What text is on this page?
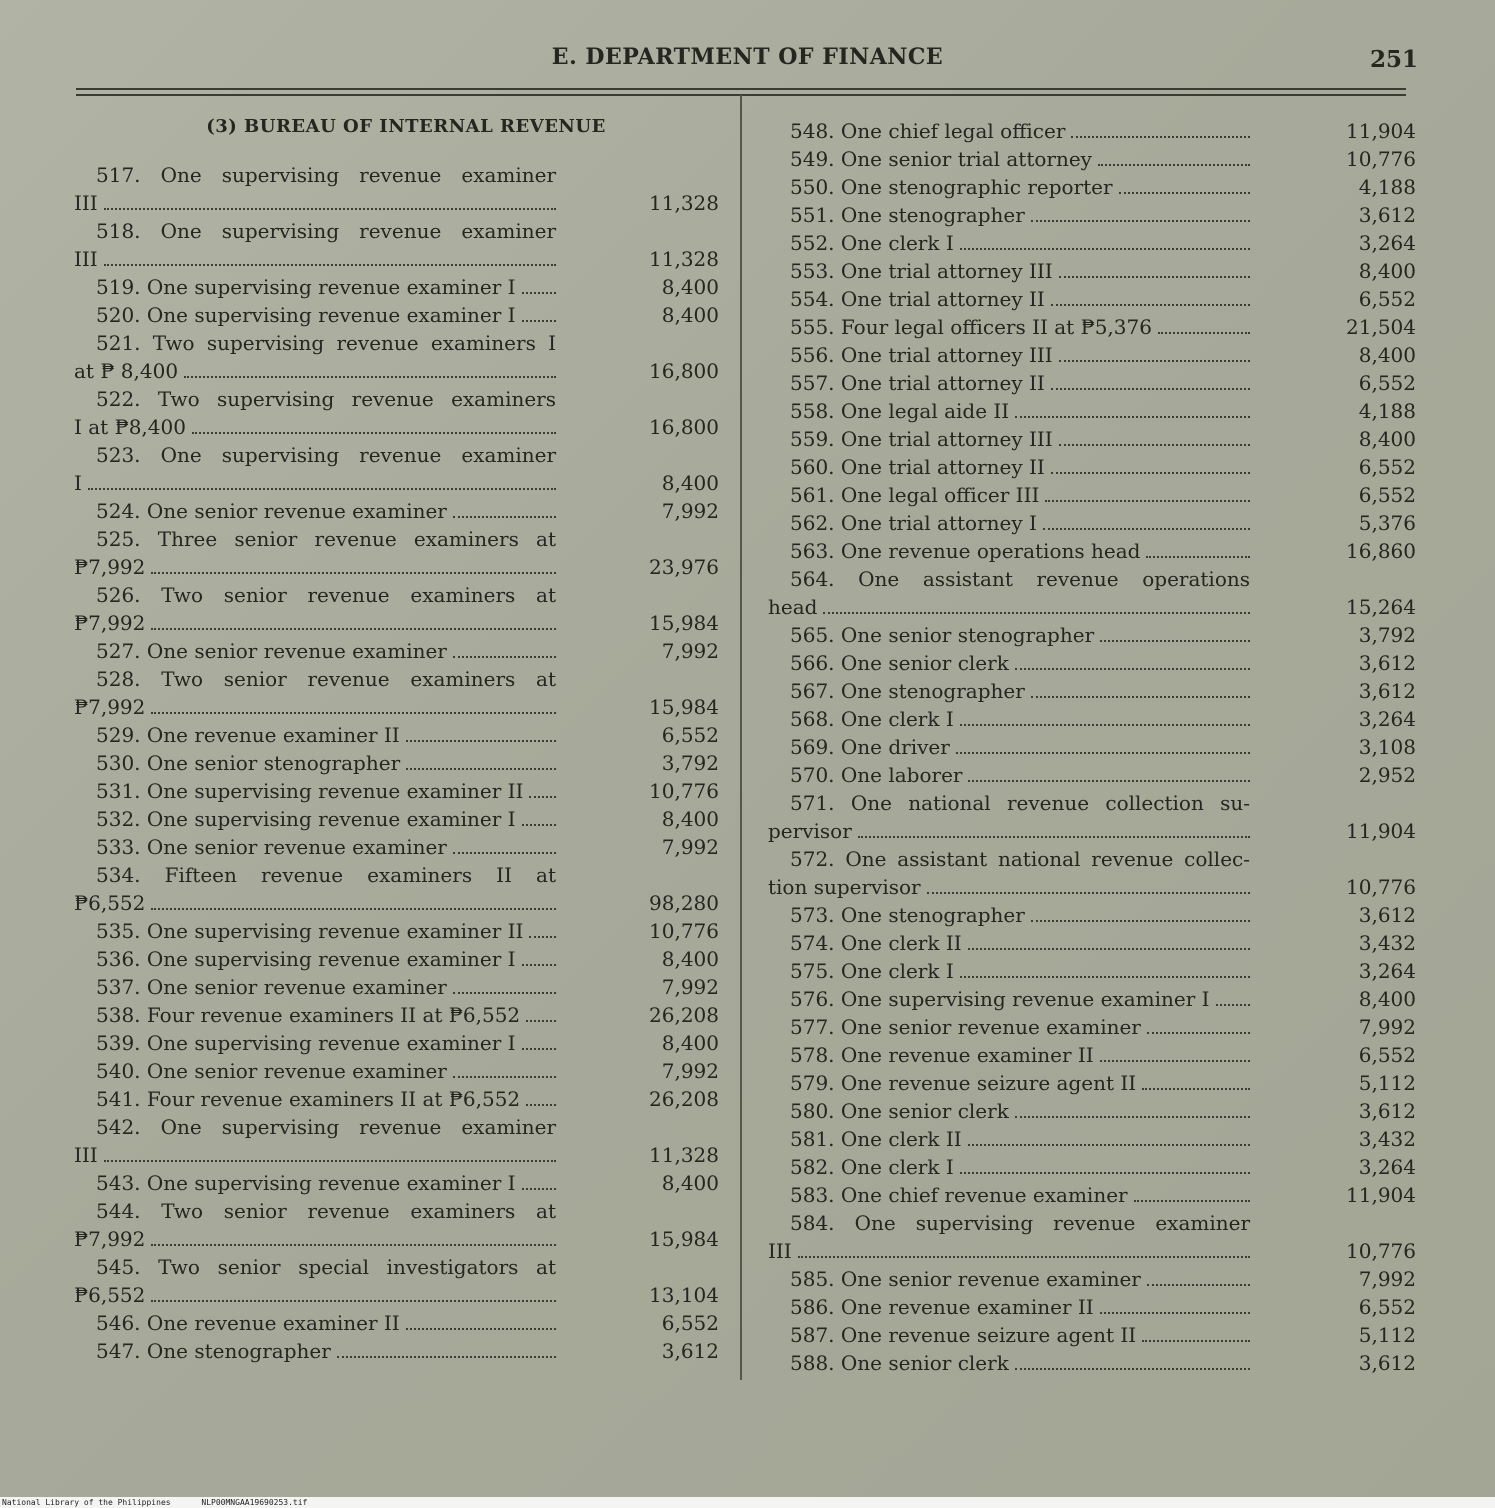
E. DEPARTMENT OF FINANCE	251
(3) BUREAU OF INTERNAL REVENUE
517. One supervising revenue examiner
III	11,328
518. One supervising revenue examiner
III	11,328
519. One supervising revenue examiner I	8,400
520. One supervising revenue examiner I	8,400
521. Two supervising revenue examiners I
at ₱ 8,400	16,800
522. Two supervising revenue examiners
I at ₱8,400	16,800
523. One supervising revenue examiner
I	8,400
524. One senior revenue examiner	7,992
525. Three senior revenue examiners at
₱7,992	23,976
526. Two senior revenue examiners at
₱7,992	15,984
527. One senior revenue examiner	7,992
528. Two senior revenue examiners at
₱7,992	15,984
529. One revenue examiner II	6,552
530. One senior stenographer	3,792
531. One supervising revenue examiner II	10,776
532. One supervising revenue examiner I	8,400
533. One senior revenue examiner	7,992
534. Fifteen revenue examiners II at
₱6,552	98,280
535. One supervising revenue examiner II	10,776
536. One supervising revenue examiner I	8,400
537. One senior revenue examiner	7,992
538. Four revenue examiners II at ₱6,552	26,208
539. One supervising revenue examiner I	8,400
540. One senior revenue examiner	7,992
541. Four revenue examiners II at ₱6,552	26,208
542. One supervising revenue examiner
III	11,328
543. One supervising revenue examiner I	8,400
544. Two senior revenue examiners at
₱7,992	15,984
545. Two senior special investigators at
₱6,552	13,104
546. One revenue examiner II	6,552
547. One stenographer	3,612
548. One chief legal officer	11,904
549. One senior trial attorney	10,776
550. One stenographic reporter	4,188
551. One stenographer	3,612
552. One clerk I	3,264
553. One trial attorney III	8,400
554. One trial attorney II	6,552
555. Four legal officers II at ₱5,376	21,504
556. One trial attorney III	8,400
557. One trial attorney II	6,552
558. One legal aide II	4,188
559. One trial attorney III	8,400
560. One trial attorney II	6,552
561. One legal officer III	6,552
562. One trial attorney I	5,376
563. One revenue operations head	16,860
564. One assistant revenue operations
head	15,264
565. One senior stenographer	3,792
566. One senior clerk	3,612
567. One stenographer	3,612
568. One clerk I	3,264
569. One driver	3,108
570. One laborer	2,952
571. One national revenue collection su-
pervisor	11,904
572. One assistant national revenue collec-
tion supervisor	10,776
573. One stenographer	3,612
574. One clerk II	3,432
575. One clerk I	3,264
576. One supervising revenue examiner I	8,400
577. One senior revenue examiner	7,992
578. One revenue examiner II	6,552
579. One revenue seizure agent II	5,112
580. One senior clerk	3,612
581. One clerk II	3,432
582. One clerk I	3,264
583. One chief revenue examiner	11,904
584. One supervising revenue examiner
III	10,776
585. One senior revenue examiner	7,992
586. One revenue examiner II	6,552
587. One revenue seizure agent II	5,112
588. One senior clerk	3,612
National Library of the Philippines	NLP00MNGAA19690253.tif
